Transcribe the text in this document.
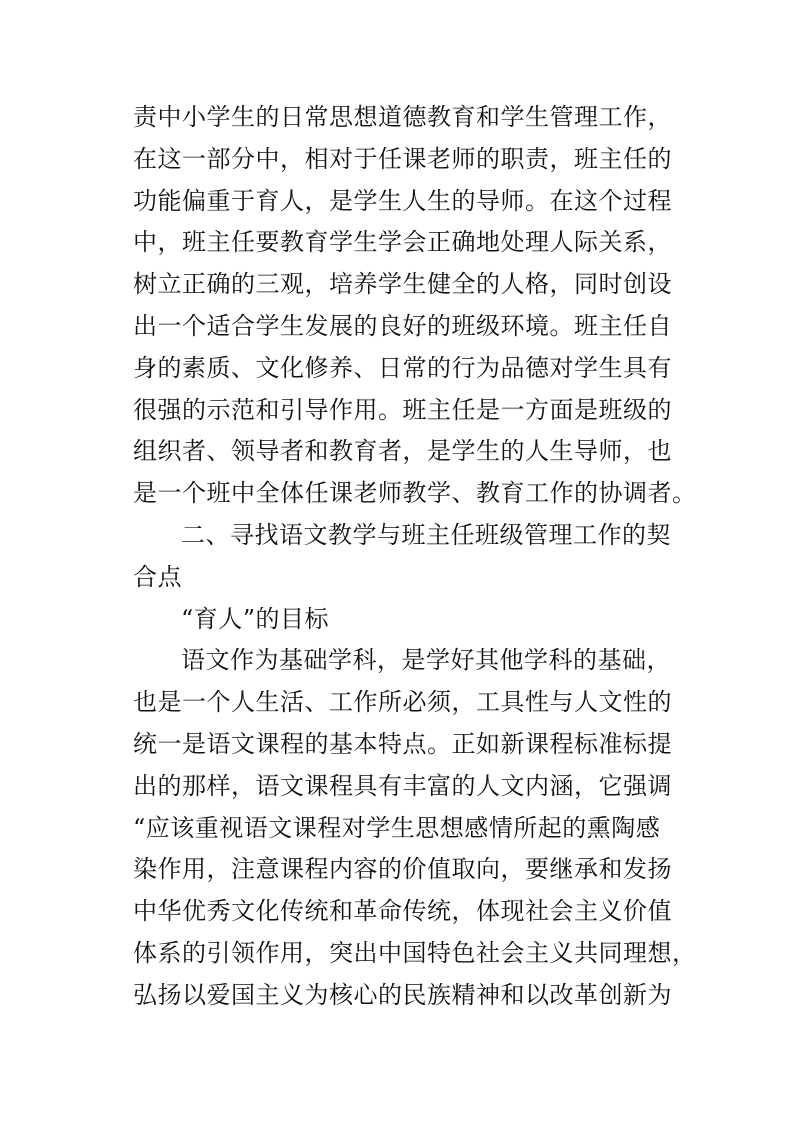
责中小学生的日常思想道德教育和学生管理工作，
在这一部分中，相对于任课老师的职责，班主任的
功能偏重于育人，是学生人生的导师。在这个过程
中，班主任要教育学生学会正确地处理人际关系，
树立正确的三观，培养学生健全的人格，同时创设
出一个适合学生发展的良好的班级环境。班主任自
身的素质、文化修养、日常的行为品德对学生具有
很强的示范和引导作用。班主任是一方面是班级的
组织者、领导者和教育者，是学生的人生导师，也
是一个班中全体任课老师教学、教育工作的协调者。
二、寻找语文教学与班主任班级管理工作的契
合点
“育人”的目标
语文作为基础学科，是学好其他学科的基础，
也是一个人生活、工作所必须，工具性与人文性的
统一是语文课程的基本特点。正如新课程标准标提
出的那样，语文课程具有丰富的人文内涵，它强调
“应该重视语文课程对学生思想感情所起的熏陶感
染作用，注意课程内容的价值取向，要继承和发扬
中华优秀文化传统和革命传统，体现社会主义价值
体系的引领作用，突出中国特色社会主义共同理想，
弘扬以爱国主义为核心的民族精神和以改革创新为
